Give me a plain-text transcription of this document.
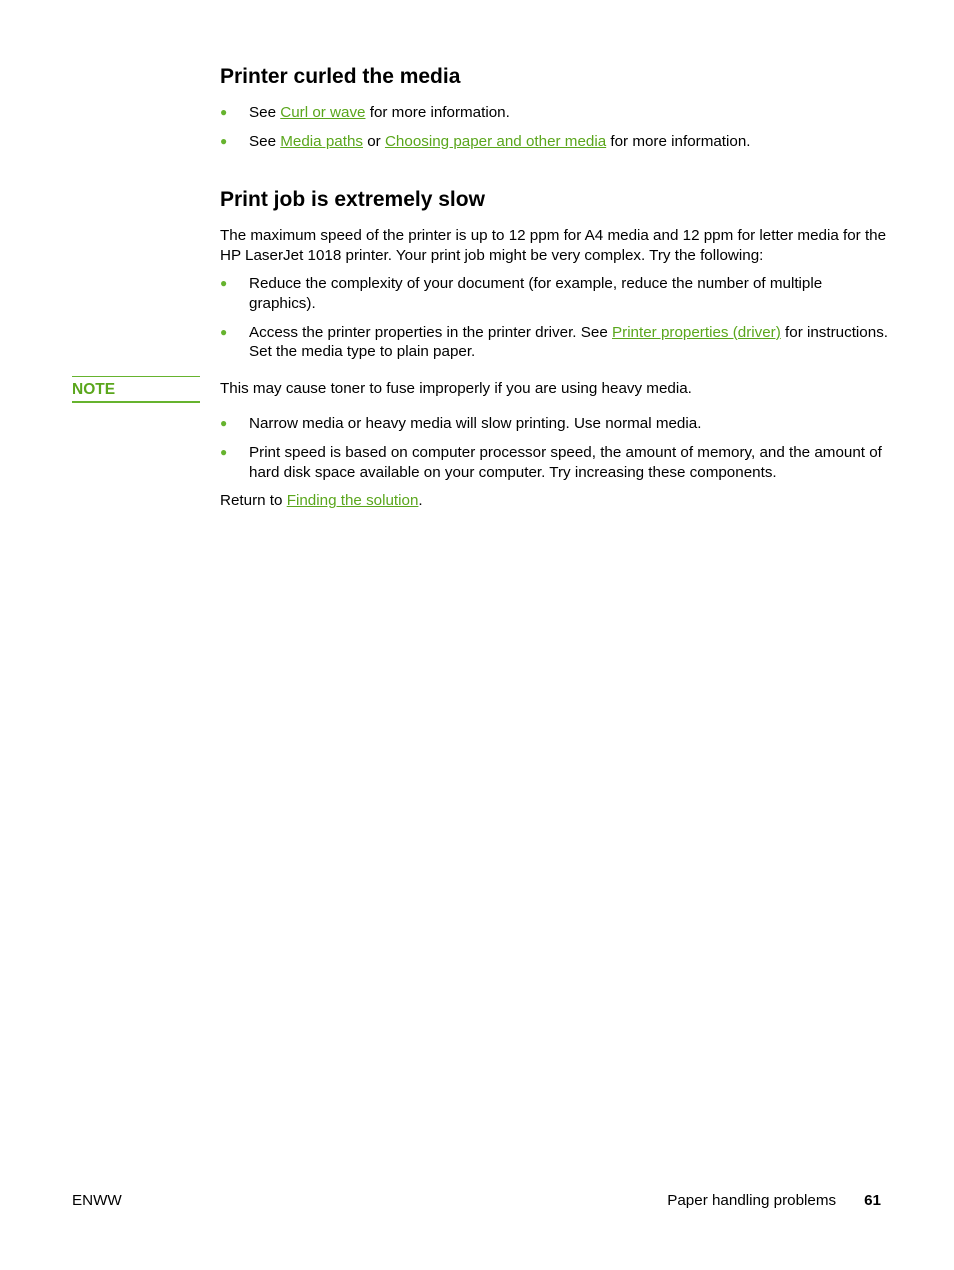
Printer curled the media
● See Curl or wave for more information.
● See Media paths or Choosing paper and other media for more information.
Print job is extremely slow

The maximum speed of the printer is up to 12 ppm for A4 media and 12 ppm for letter media for the HP LaserJet 1018 printer. Your print job might be very complex. Try the following:

● Reduce the complexity of your document (for example, reduce the number of multiple graphics).
● Access the printer properties in the printer driver. See Printer properties (driver) for instructions. Set the media type to plain paper.

This may cause toner to fuse improperly if you are using heavy media.

● Narrow media or heavy media will slow printing. Use normal media.
● Print speed is based on computer processor speed, the amount of memory, and the amount of hard disk space available on your computer. Try increasing these components.

Return to Finding the solution.

NOTE
ENWW	Paper handling problems 61
